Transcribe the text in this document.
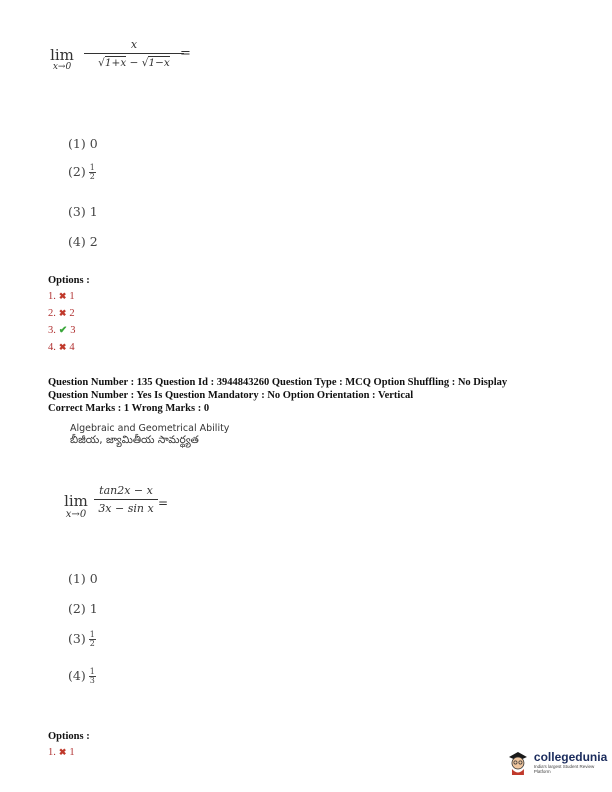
lim
x→0	$\frac{x}{√1+x - √1-x}$
=
(1) 0
$(2) \frac{1}{2}$
(3) 1
(4) 2
Options :
1. ✖ 1
2. ✖ 2
3. ✔ 3
4. ✖ 4
Question Number : 135 Question Id : 3944843260 Question Type : MCQ Option Shuffling : No Display
Question Number : Yes Is Question Mandatory : No Option Orientation : Vertical
Correct Marks : 1 Wrong Marks : 0
Algebraic and Geometrical Ability
బీజీయ, జ్యామితీయ సామర్థ్యత
lim
$x\to 0 \frac{\tan 2x - x}{\text{3x − sin x}}$ =
(1) 0
(2) 1
$(3) \frac{1}{2}$
$(4) \frac{1}{3}$
Options :
1. ✖ 1	collegedunia
India's largest Student Review Platform
